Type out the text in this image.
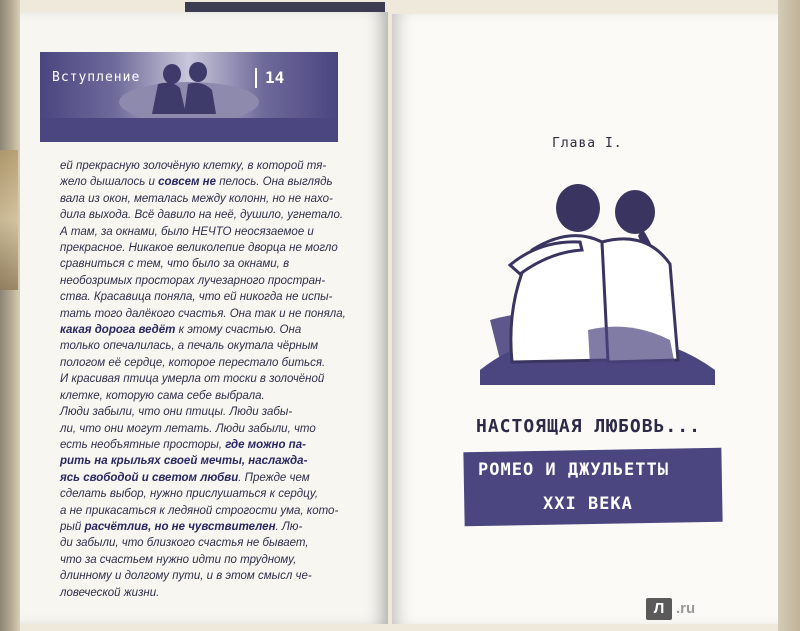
Вступление	14
ей прекрасную золочёную клетку, в которой тя-
жело дышалось и совсем не пелось. Она выглядь
вала из окон, металась между колонн, но не нахо-
дила выхода. Всё давило на неё, душило, угнетало.
А там, за окнами, было НЕЧТО неосязаемое и
прекрасное. Никакое великолепие дворца не могло
сравниться с тем, что было за окнами, в
необозримых просторах лучезарного простран-
ства. Красавица поняла, что ей никогда не испы-
тать того далёкого счастья. Она так и не поняла,
какая дорога ведёт к этому счастью. Она
только опечалилась, а печаль окутала чёрным
пологом её сердце, которое перестало биться.
И красивая птица умерла от тоски в золочёной
клетке, которую сама себе выбрала.
Люди забыли, что они птицы. Люди забы-
ли, что они могут летать. Люди забыли, что
есть необъятные просторы, где можно па-
рить на крыльях своей мечты, наслажда-
ясь свободой и светом любви. Прежде чем
сделать выбор, нужно прислушаться к сердцу,
а не прикасаться к ледяной строгости ума, кото-
рый расчётлив, но не чувствителен. Лю-
ди забыли, что близкого счастья не бывает,
что за счастьем нужно идти по трудному,
длинному и долгому пути, и в этом смысл че-
ловеческой жизни.
Глава I.
НАСТОЯЩАЯ ЛЮБОВЬ...
РОМЕО И ДЖУЛЬЕТТЫ
XXI ВЕКА
Л .ru
